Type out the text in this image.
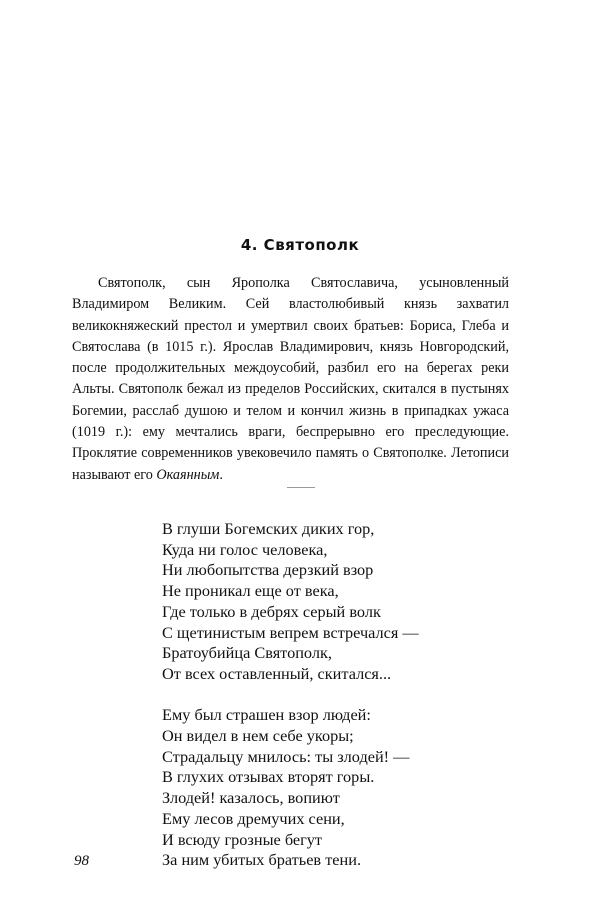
4. Святополк

Святополк, сын Ярополка Святославича, усыновленный Владимиром Великим. Сей властолюбивый князь захватил великокняжеский престол и умертвил своих братьев: Бориса, Глеба и Святослава (в 1015 г.). Ярослав Владимирович, князь Новгородский, после продолжительных междоусобий, разбил его на берегах реки Альты. Святополк бежал из пределов Российских, скитался в пустынях Богемии, расслаб душою и телом и кончил жизнь в припадках ужаса (1019 г.): ему мечтались враги, беспрерывно его преследующие. Проклятие современников увековечило память о Святополке. Летописи называют его Окаянным.

В глуши Богемских диких гор,
Куда ни голос человека,
Ни любопытства дерзкий взор
Не проникал еще от века,
Где только в дебрях серый волк
С щетинистым вепрем встречался —
Братоубийца Святополк,
От всех оставленный, скитался...

Ему был страшен взор людей:
Он видел в нем себе укоры;
Страдальцу мнилось: ты злодей! —
В глухих отзывах вторят горы.
Злодей! казалось, вопиют
Ему лесов дремучих сени,
И всюду грозные бегут
За ним убитых братьев тени.

98
